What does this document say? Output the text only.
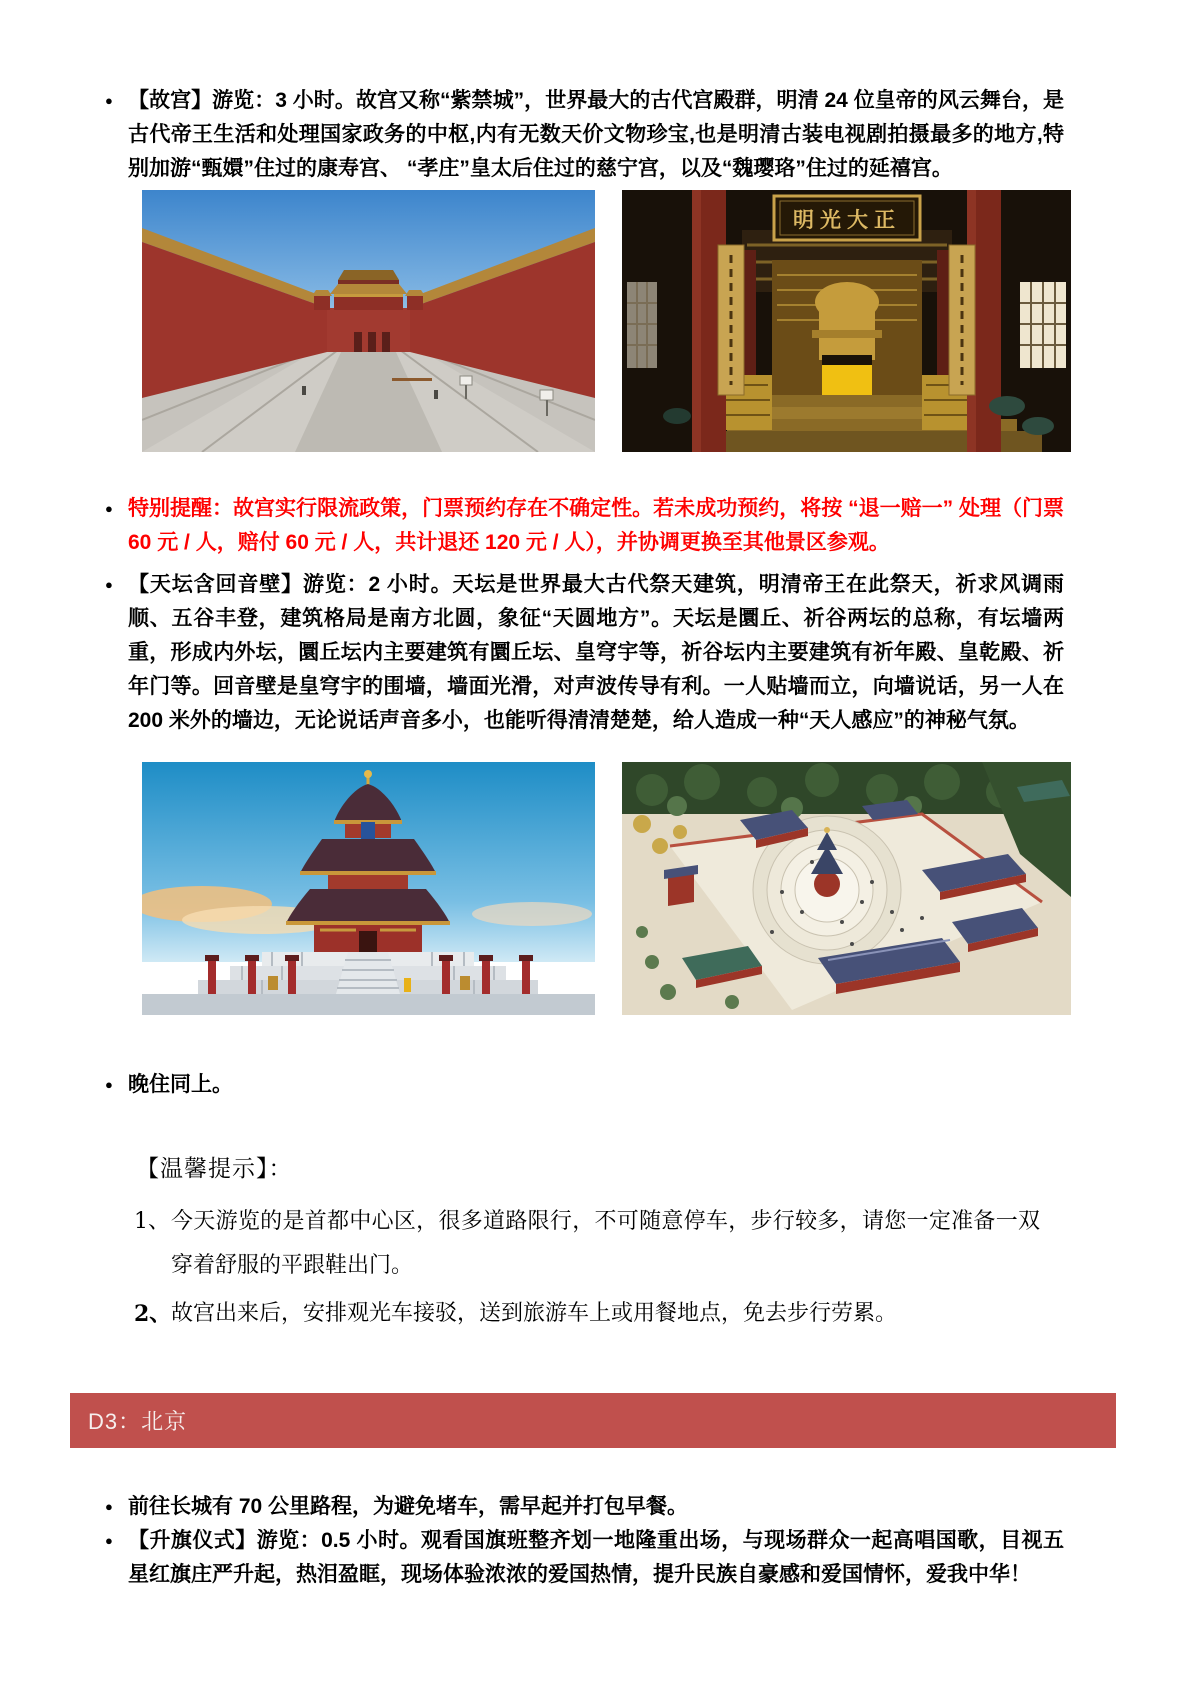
● 【故宫】游览：3 小时。故宫又称“紫禁城”，世界最大的古代宫殿群，明清 24 位皇帝的风云舞台，是古代帝王生活和处理国家政务的中枢,内有无数天价文物珍宝,也是明清古装电视剧拍摄最多的地方,特别加游“甄嬛”住过的康寿宫、 “孝庄”皇太后住过的慈宁宫，以及“魏璎珞”住过的延禧宫。
明光大正
● 特别提醒：故宫实行限流政策，门票预约存在不确定性。若未成功预约，将按 “退一赔一” 处理（门票 60 元 / 人，赔付 60 元 / 人，共计退还 120 元 / 人），并协调更换至其他景区参观。
● 【天坛含回音壁】游览：2 小时。天坛是世界最大古代祭天建筑，明清帝王在此祭天，祈求风调雨顺、五谷丰登，建筑格局是南方北圆，象征“天圆地方”。天坛是圜丘、祈谷两坛的总称，有坛墙两重，形成内外坛，圜丘坛内主要建筑有圜丘坛、皇穹宇等，祈谷坛内主要建筑有祈年殿、皇乾殿、祈年门等。回音壁是皇穹宇的围墙，墙面光滑，对声波传导有利。一人贴墙而立，向墙说话，另一人在 200 米外的墙边，无论说话声音多小，也能听得清清楚楚，给人造成一种“天人感应”的神秘气氛。
● 晚住同上。
【温馨提示】：
1、 今天游览的是首都中心区，很多道路限行，不可随意停车，步行较多，请您一定准备一双穿着舒服的平跟鞋出门。
2、 故宫出来后，安排观光车接驳，送到旅游车上或用餐地点，免去步行劳累。
D3：北京
● 前往长城有 70 公里路程，为避免堵车，需早起并打包早餐。
● 【升旗仪式】游览：0.5 小时。观看国旗班整齐划一地隆重出场，与现场群众一起高唱国歌，目视五星红旗庄严升起，热泪盈眶，现场体验浓浓的爱国热情，提升民族自豪感和爱国情怀，爱我中华！
